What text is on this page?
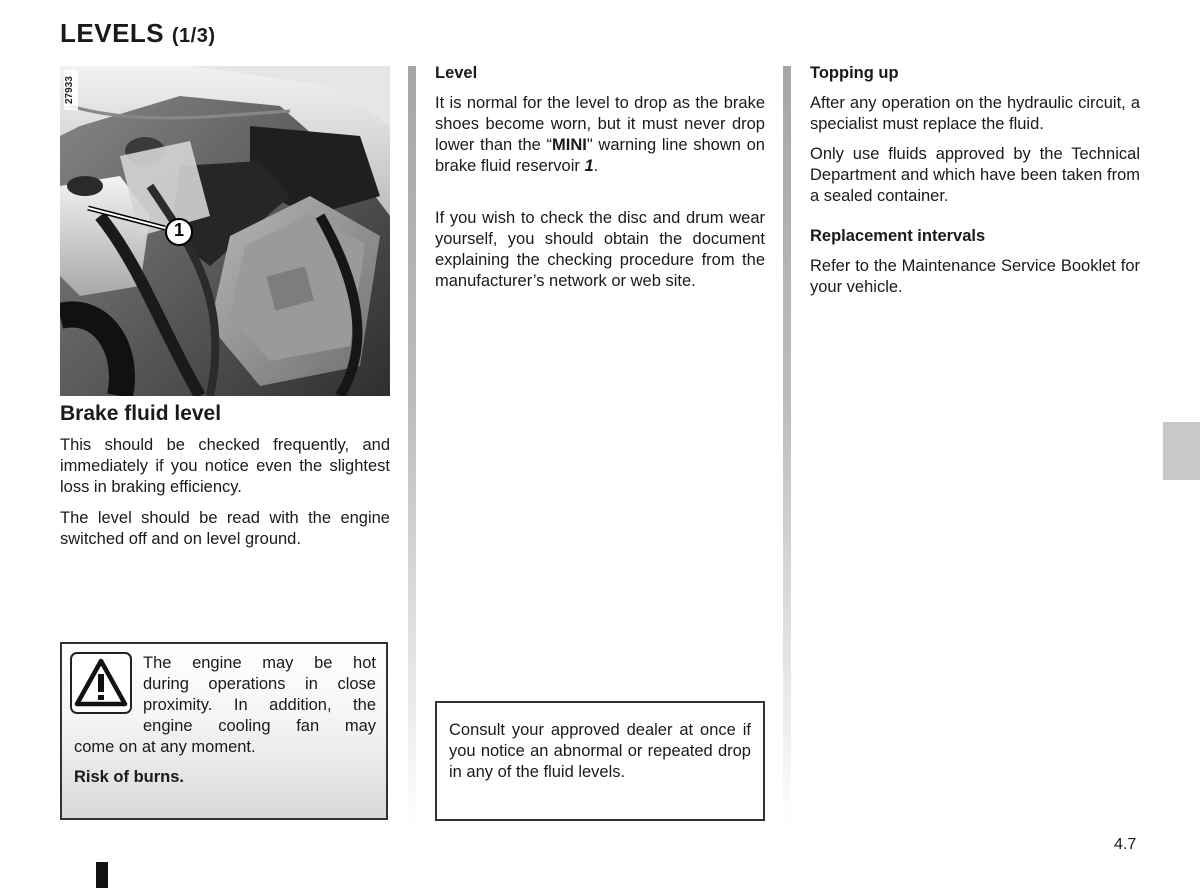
LEVELS (1/3)
1
27933
Brake fluid level

This should be checked frequently, and immediately if you notice even the slightest loss in braking efficiency.

The level should be read with the engine switched off and on level ground.

The engine may be hot
during operations in close
proximity. In addition, the
engine cooling fan may
come on at any moment.
Risk of burns.
Level

It is normal for the level to drop as the brake shoes become worn, but it must never drop lower than the “MINI" warning line shown on brake fluid reservoir 1.

If you wish to check the disc and drum wear yourself, you should obtain the document explaining the checking procedure from the manufacturer’s network or web site.

Consult your approved dealer at once if you notice an abnormal or repeated drop in any of the fluid levels.

Topping up

After any operation on the hydraulic circuit, a specialist must replace the fluid.

Only use fluids approved by the Technical Department and which have been taken from a sealed container.

Replacement intervals

Refer to the Maintenance Service Booklet for your vehicle.

4.7
